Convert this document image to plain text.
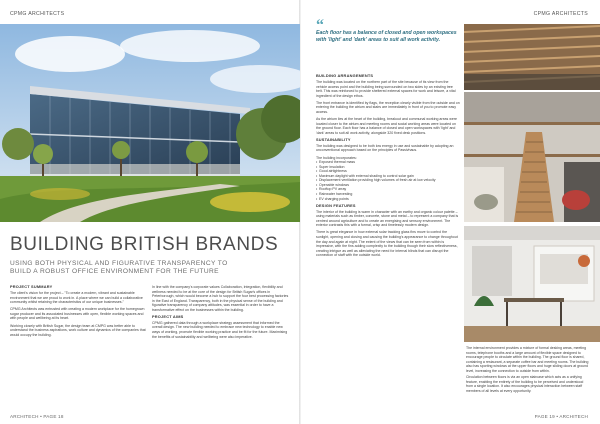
CPMG ARCHITECTS
BUILDING BRITISH BRANDS
USING BOTH PHYSICAL AND FIGURATIVE TRANSPARENCY TO BUILD A ROBUST OFFICE ENVIRONMENT FOR THE FUTURE
PROJECT SUMMARY

The client's vision for the project – "To create a modern, vibrant and sustainable environment that we are proud to work in. A place where we can build a collaborative community whilst retaining the characteristics of our unique businesses."

CPMG Architects was entrusted with creating a modern workplace for the homegrown sugar producer and its associated businesses with open, flexible working spaces and with people and wellbeing at its heart.

Working closely with British Sugar, the design team at CMPG was better able to understand the business aspirations, work culture and dynamics of the companies that would occupy the building.

In line with the company's corporate values Collaboration, Integration, flexibility and wellness needed to be at the core of the design for British Sugar's offices in Peterborough, which would become a hub to support the four best processing factories in the East of England. Transparency, both in the physical sense of the building and figurative transparency of company attitudes, was essential in order to have a transformative effect on the businesses within the building.

PROJECT AIMS

CPMG gathered data through a workplace strategy assessment that informed the overall design. The new building needed to embrace new technology to enable new ways of working, promote flexible working practice and be fit for the future. Maximising the benefits of sustainability and wellbeing were also imperative.

ARCHITECH • PAGE 18
CPMG ARCHITECTS
“
Each floor has a balance of closed and open workspaces with 'light' and 'dark' areas to suit all work activity.
BUILDING ARRANGEMENTS

The building was located on the northern part of the site because of its view from the vehicle access point and the building being surrounded on two sides by an existing tree belt. This was reinforced to provide sheltered external spaces for work and leisure, a vital ingredient of the design ethos.

The front entrance is identified by flags, the reception clearly visible from the outside and on entering the building the atrium and stairs are immediately in front of you to promote easy access.

As the atrium lies at the heart of the building, breakout and communal working areas were located closer to the atrium and meeting rooms and social working areas were located on the ground floor. Each floor has a balance of closed and open workspaces with 'light' and 'dark' areas to suit all work activity, alongside 320 fixed desk positions.

SUSTAINABILITY

The building was designed to be both low energy in use and sustainable by adopting an unconventional approach based on the principles of Passivhaus.

The building incorporates:

• Exposed thermal mass
• Super insulation
• Good airtightness
• Maximum daylight with external shading to control solar gain
• Displacement ventilation providing high volumes of fresh air at low velocity
• Openable windows
• Rooftop PV array
• Rainwater harvesting
• EV charging points
DESIGN FEATURES

The interior of the building is warm in character with an earthy and organic colour palette – using materials such as timber, concrete, stone and metal – to represent a company that is centred around agriculture and to create an energising and sensory environment. The exterior contrasts this with a formal, crisp and timelessly modern design.

There is great elegance in how external solar tracking glass fins move to control the sunlight, opening and closing and causing the building's appearance to change throughout the day and again at night. The extent of the views that can be seen from within is impressive, with the fins adding complexity to the building though their slow reflectiveness, creating intrigue as well as alleviating the need for internal blinds that can disrupt the connection of staff with the outside world.

The internal environment provides a mixture of formal desking areas, meeting rooms, telephone booths and a large amount of flexible space designed to encourage people to circulate within the building. The ground floor is shared, containing a restaurant, a separate coffee bar and meeting rooms. The building also has sporting windows at the upper floors and huge sliding doors at ground level, increasing the connection to outside from within.

Circulation between floors is via an open staircase which acts as a unifying feature, enabling the entirety of the building to be perceived and understood from a single location. It also encourages physical interaction between staff members of all levels at every opportunity.

PAGE 19 • ARCHITECH
